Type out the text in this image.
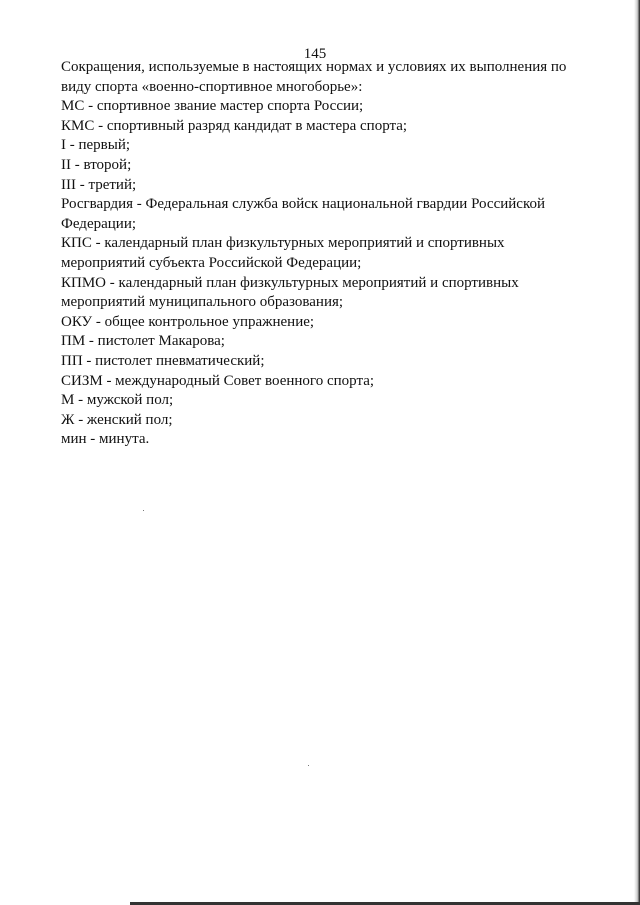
145
Сокращения, используемые в настоящих нормах и условиях их выполнения по
виду спорта «военно-спортивное многоборье»:
МС - спортивное звание мастер спорта России;
КМС - спортивный разряд кандидат в мастера спорта;
I - первый;
II - второй;
III - третий;
Росгвардия - Федеральная служба войск национальной гвардии Российской
Федерации;
КПС - календарный план физкультурных мероприятий и спортивных
мероприятий субъекта Российской Федерации;
КПМО - календарный план физкультурных мероприятий и спортивных
мероприятий муниципального образования;
ОКУ - общее контрольное упражнение;
ПМ - пистолет Макарова;
ПП - пистолет пневматический;
СИЗМ - международный Совет военного спорта;
М - мужской пол;
Ж - женский пол;
мин - минута.
